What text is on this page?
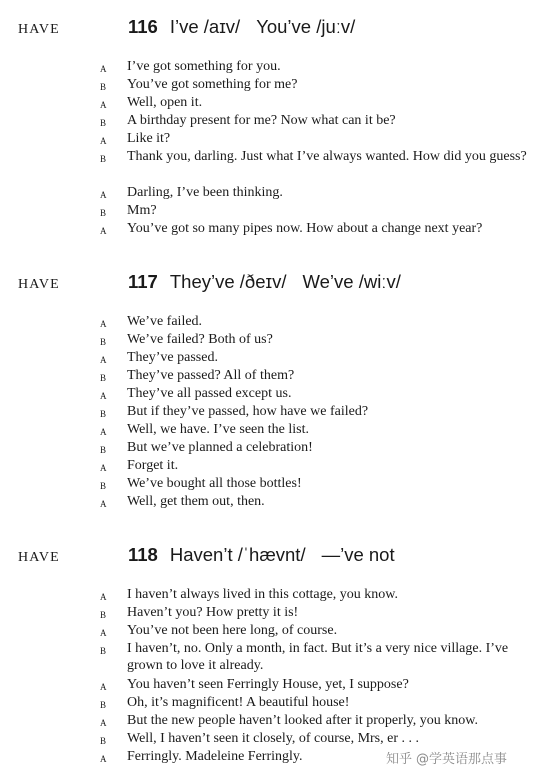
HAVE	116 I’ve /aɪv/ You’ve /juːv/
A I’ve got something for you.
B You’ve got something for me?
A Well, open it.
B A birthday present for me? Now what can it be?
A Like it?
B Thank you, darling. Just what I’ve always wanted. How did you guess?
A Darling, I’ve been thinking.
B Mm?
A You’ve got so many pipes now. How about a change next year?
HAVE	117 They’ve /ðeɪv/ We’ve /wiːv/
A We’ve failed.
B We’ve failed? Both of us?
A They’ve passed.
B They’ve passed? All of them?
A They’ve all passed except us.
B But if they’ve passed, how have we failed?
A Well, we have. I’ve seen the list.
B But we’ve planned a celebration!
A Forget it.
B We’ve bought all those bottles!
A Well, get them out, then.
HAVE	118 Haven’t /ˈhævnt/ —’ve not
A I haven’t always lived in this cottage, you know.
B Haven’t you? How pretty it is!
A You’ve not been here long, of course.
B I haven’t, no. Only a month, in fact. But it’s a very nice village. I’ve grown to love it already.
A You haven’t seen Ferringly House, yet, I suppose?
B Oh, it’s magnificent! A beautiful house!
A But the new people haven’t looked after it properly, you know.
B Well, I haven’t seen it closely, of course, Mrs, er . . .
A Ferringly. Madeleine Ferringly.	知乎 @学英语那点事
